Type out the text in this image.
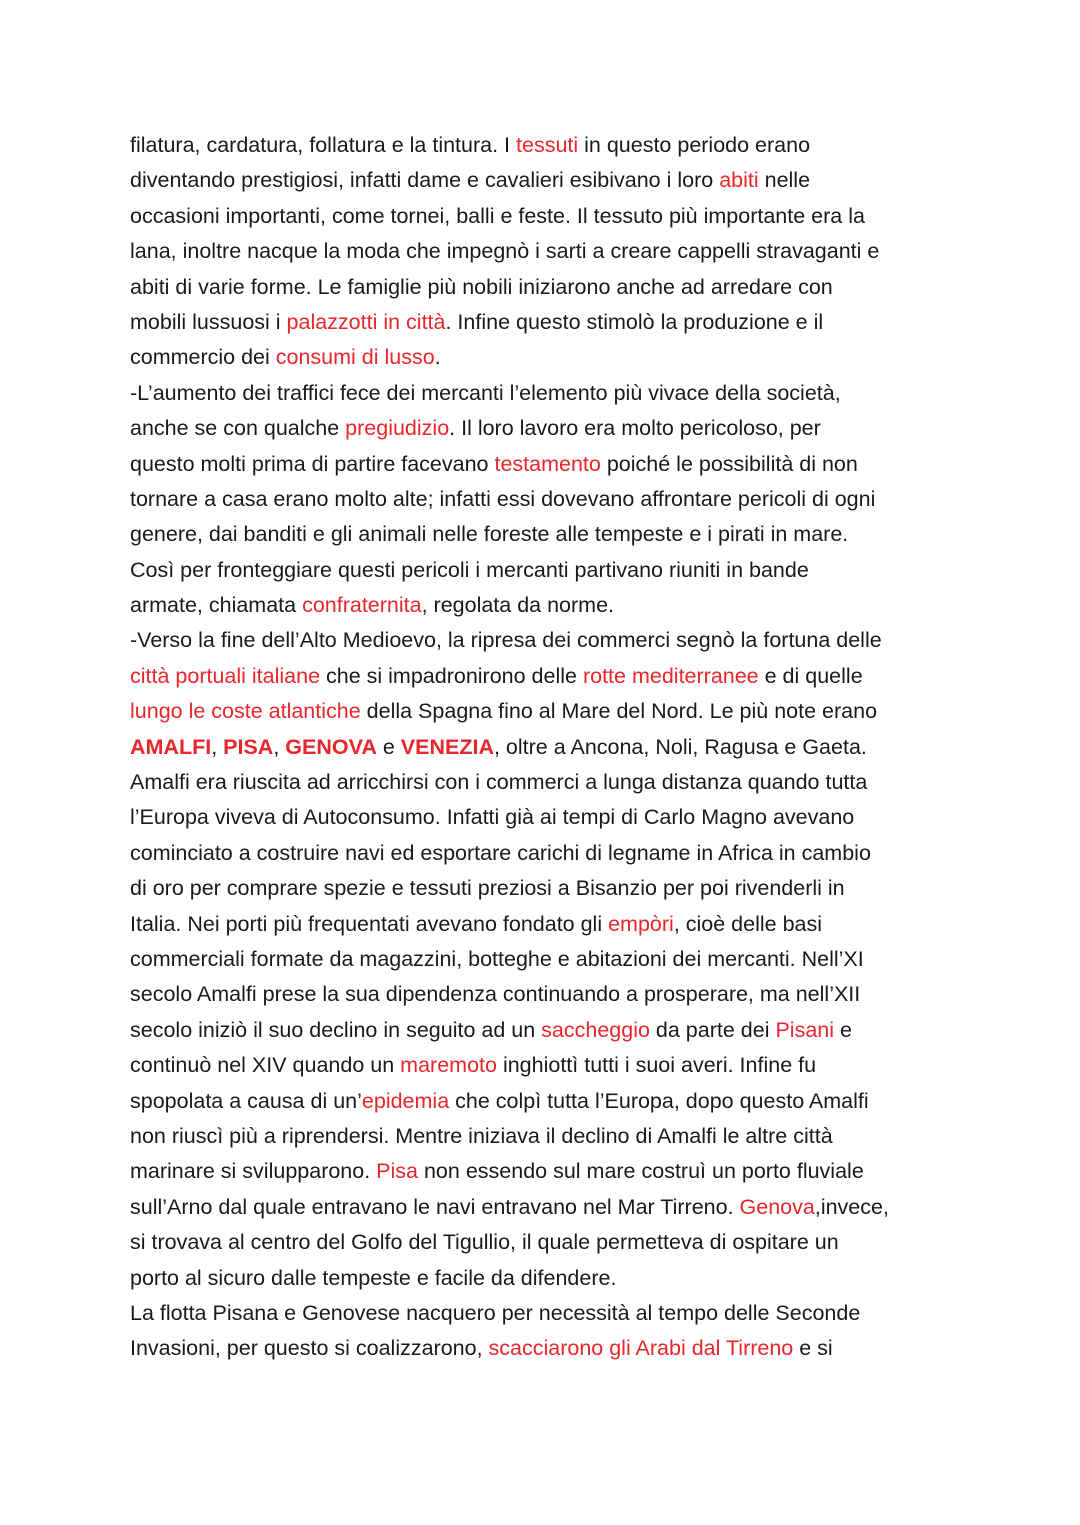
filatura, cardatura, follatura e la tintura. I tessuti in questo periodo erano
diventando prestigiosi, infatti dame e cavalieri esibivano i loro abiti nelle
occasioni importanti, come tornei, balli e feste. Il tessuto più importante era la
lana, inoltre nacque la moda che impegnò i sarti a creare cappelli stravaganti e
abiti di varie forme. Le famiglie più nobili iniziarono anche ad arredare con
mobili lussuosi i palazzotti in città. Infine questo stimolò la produzione e il
commercio dei consumi di lusso.
-L’aumento dei traffici fece dei mercanti l’elemento più vivace della società,
anche se con qualche pregiudizio. Il loro lavoro era molto pericoloso, per
questo molti prima di partire facevano testamento poiché le possibilità di non
tornare a casa erano molto alte; infatti essi dovevano affrontare pericoli di ogni
genere, dai banditi e gli animali nelle foreste alle tempeste e i pirati in mare.
Così per fronteggiare questi pericoli i mercanti partivano riuniti in bande
armate, chiamata confraternita, regolata da norme.
-Verso la fine dell’Alto Medioevo, la ripresa dei commerci segnò la fortuna delle
città portuali italiane che si impadronirono delle rotte mediterranee e di quelle
lungo le coste atlantiche della Spagna fino al Mare del Nord. Le più note erano
AMALFI, PISA, GENOVA e VENEZIA, oltre a Ancona, Noli, Ragusa e Gaeta.
Amalfi era riuscita ad arricchirsi con i commerci a lunga distanza quando tutta
l’Europa viveva di Autoconsumo. Infatti già ai tempi di Carlo Magno avevano
cominciato a costruire navi ed esportare carichi di legname in Africa in cambio
di oro per comprare spezie e tessuti preziosi a Bisanzio per poi rivenderli in
Italia. Nei porti più frequentati avevano fondato gli empòri, cioè delle basi
commerciali formate da magazzini, botteghe e abitazioni dei mercanti. Nell’XI
secolo Amalfi prese la sua dipendenza continuando a prosperare, ma nell’XII
secolo iniziò il suo declino in seguito ad un saccheggio da parte dei Pisani e
continuò nel XIV quando un maremoto inghiottì tutti i suoi averi. Infine fu
spopolata a causa di un’epidemia che colpì tutta l’Europa, dopo questo Amalfi
non riuscì più a riprendersi. Mentre iniziava il declino di Amalfi le altre città
marinare si svilupparono. Pisa non essendo sul mare costruì un porto fluviale
sull’Arno dal quale entravano le navi entravano nel Mar Tirreno. Genova,invece,
si trovava al centro del Golfo del Tigullio, il quale permetteva di ospitare un
porto al sicuro dalle tempeste e facile da difendere.
La flotta Pisana e Genovese nacquero per necessità al tempo delle Seconde
Invasioni, per questo si coalizzarono, scacciarono gli Arabi dal Tirreno e si
